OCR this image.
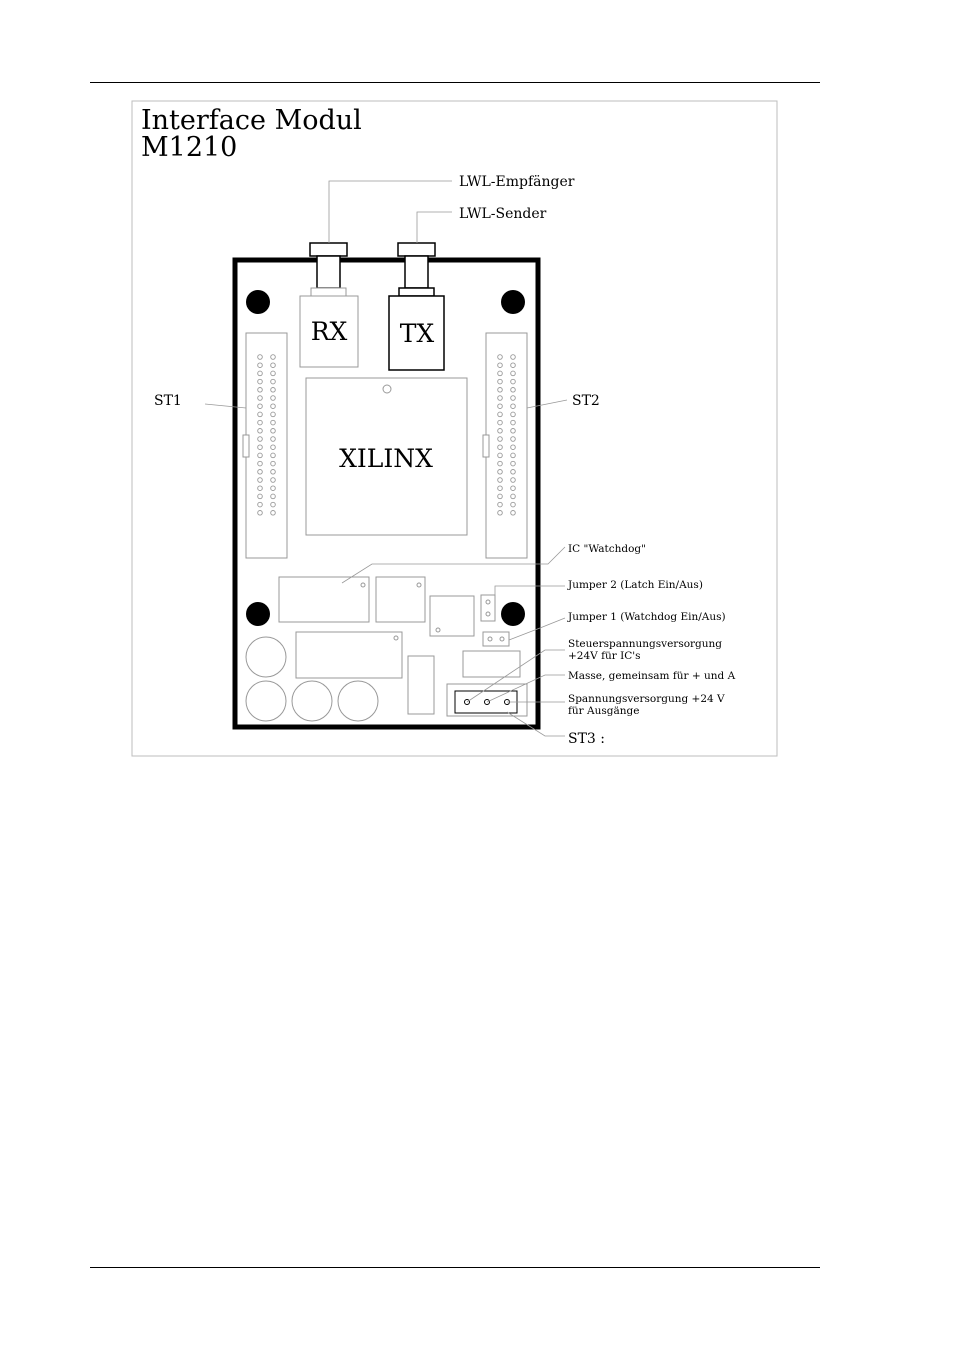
Interface Modul
M1210
RX TX
XILINX
LWL-Empfänger
LWL-Sender
ST1	ST2
IC "Watchdog"
Jumper 2 (Latch Ein/Aus)
Jumper 1 (Watchdog Ein/Aus)
Steuerspannungsversorgung
+24V für IC's
Masse, gemeinsam für + und A
Spannungsversorgung +24 V
für Ausgänge
ST3 :
